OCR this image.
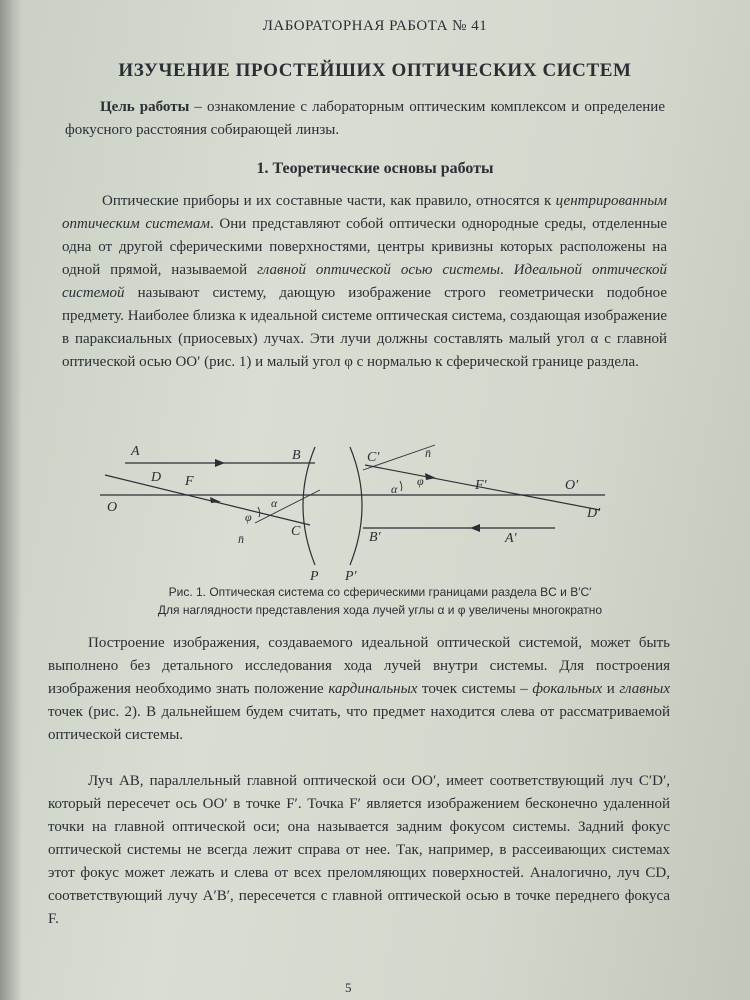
ЛАБОРАТОРНАЯ РАБОТА № 41
ИЗУЧЕНИЕ ПРОСТЕЙШИХ ОПТИЧЕСКИХ СИСТЕМ
Цель работы – ознакомление с лабораторным оптическим комплексом и определение фокусного расстояния собирающей линзы.
1. Теоретические основы работы
Оптические приборы и их составные части, как правило, относятся к центрированным оптическим системам. Они представляют собой оптически однородные среды, отделенные одна от другой сферическими поверхностями, центры кривизны которых расположены на одной прямой, называемой главной оптической осью системы. Идеальной оптической системой называют систему, дающую изображение строго геометрически подобное предмету. Наиболее близка к идеальной системе оптическая система, создающая изображение в параксиальных (приосевых) лучах. Эти лучи должны составлять малый угол α с главной оптической осью OO′ (рис. 1) и малый угол φ с нормалью к сферической границе раздела.
A	B
D F
O
C
C′
B′
F′	O′
D′
A′
P P′
n̄
n̄
α
φ
α
φ
Рис. 1. Оптическая система со сферическими границами раздела BC и B′C′
Для наглядности представления хода лучей углы α и φ увеличены многократно
Построение изображения, создаваемого идеальной оптической системой, может быть выполнено без детального исследования хода лучей внутри системы. Для построения изображения необходимо знать положение кардинальных точек системы – фокальных и главных точек (рис. 2). В дальнейшем будем считать, что предмет находится слева от рассматриваемой оптической системы.
Луч AB, параллельный главной оптической оси OO′, имеет соответствующий луч C′D′, который пересечет ось OO′ в точке F′. Точка F′ является изображением бесконечно удаленной точки на главной оптической оси; она называется задним фокусом системы. Задний фокус оптической системы не всегда лежит справа от нее. Так, например, в рассеивающих системах этот фокус может лежать и слева от всех преломляющих поверхностей. Аналогично, луч CD, соответствующий лучу A′B′, пересечется с главной оптической осью в точке переднего фокуса F.
5
